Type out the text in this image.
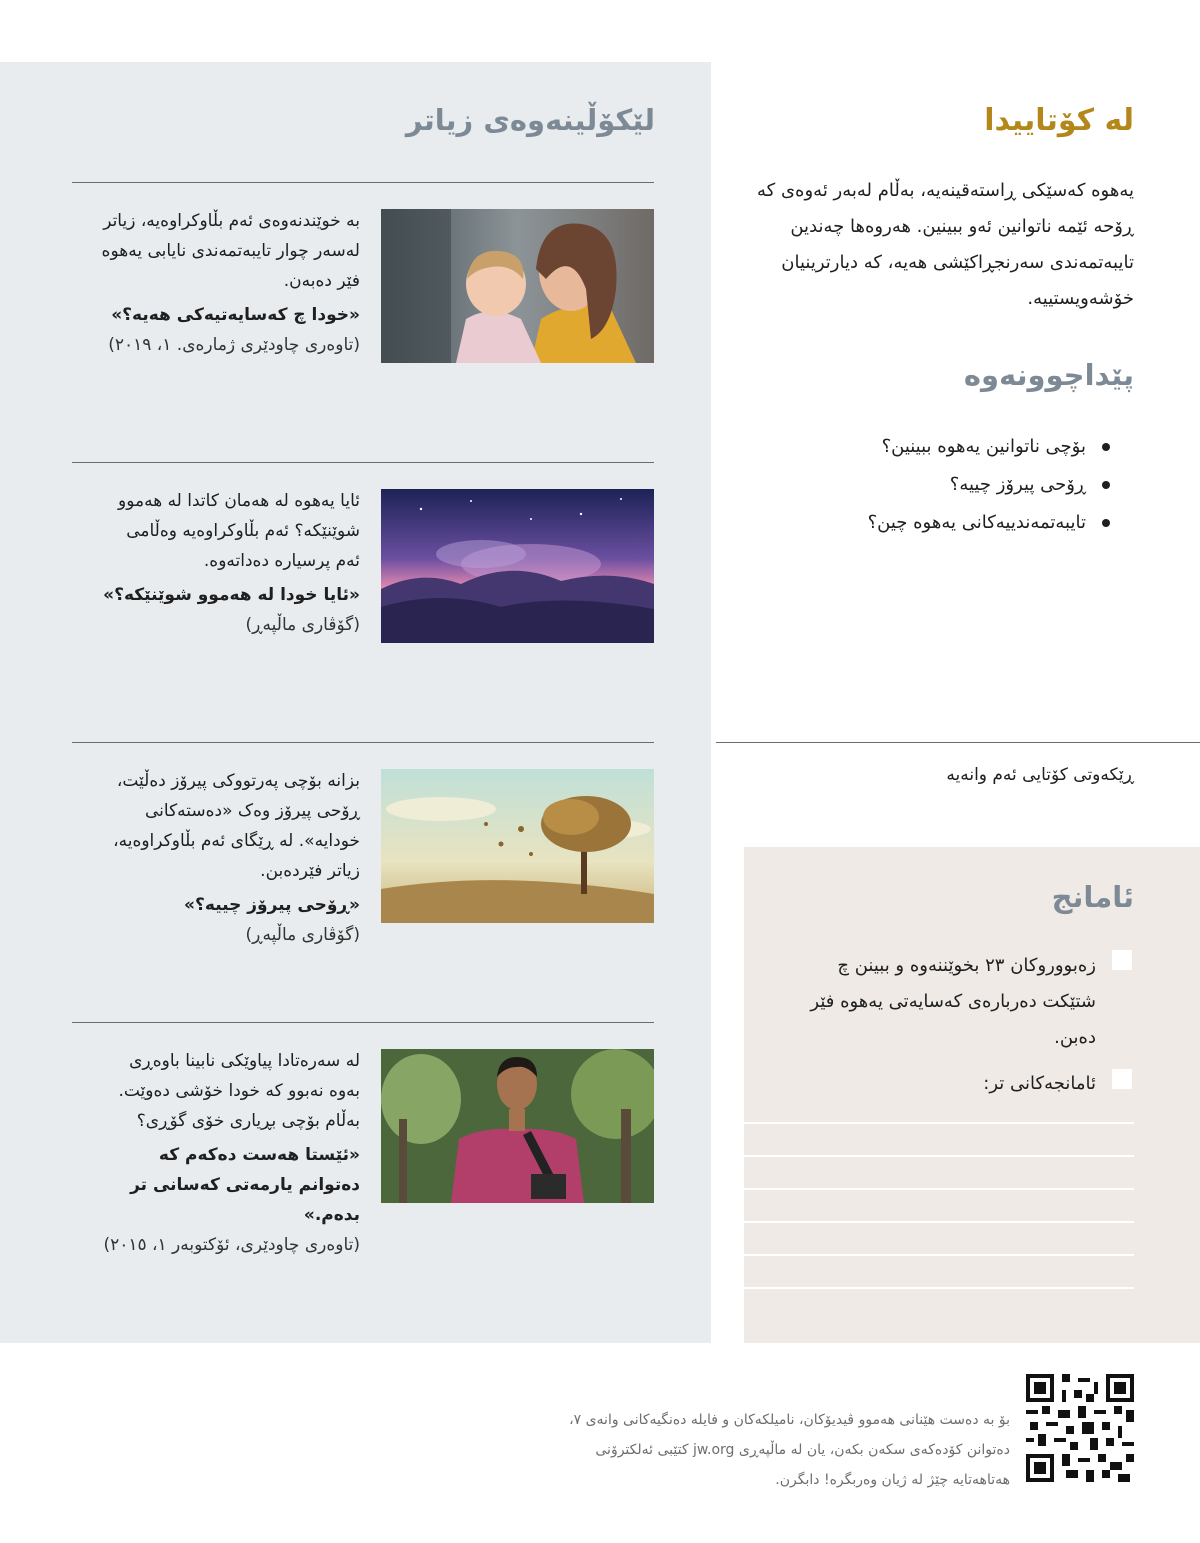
لێکۆڵینەوەی زیاتر
بە خوێندنەوەی ئەم بڵاوکراوەیە، زیاتر لەسەر چوار تایبەتمەندی نایابی یەهوە فێر دەبەن.
«خودا چ کەسایەتیەکی هەیە؟»
(تاوەری چاودێری ژمارەی. ١، ٢٠١٩)
ئایا یەهوە لە هەمان کاتدا لە هەموو شوێنێکە؟ ئەم بڵاوکراوەیە وەڵامی ئەم پرسیارە دەداتەوە.
«ئایا خودا لە هەموو شوێنێکە؟»
(گۆڤاری ماڵپەڕ)
بزانە بۆچی پەرتووکی پیرۆز دەڵێت، ڕۆحی پیرۆز وەک «دەستەکانی خودایە». لە ڕێگای ئەم بڵاوکراوەیە، زیاتر فێردەبن.
«ڕۆحی پیرۆز چییە؟»
(گۆڤاری ماڵپەڕ)
لە سەرەتادا پیاوێکی نابینا باوەڕی بەوە نەبوو کە خودا خۆشی دەوێت. بەڵام بۆچی بڕیاری خۆی گۆڕی؟
«ئێستا هەست دەکەم کە دەتوانم یارمەتی کەسانی تر بدەم.»
(تاوەری چاودێری، ئۆکتوبەر ١، ٢٠١٥)
لە کۆتاییدا
یەهوە کەسێکی ڕاستەقینەیە، بەڵام لەبەر ئەوەی کە ڕۆحە ئێمە ناتوانین ئەو ببینین. هەروەها چەندین تایبەتمەندی سەرنجڕاکێشی هەیە، کە دیارترینیان خۆشەویستییە.
پێداچوونەوە
بۆچی ناتوانین یەهوە ببینین؟
ڕۆحی پیرۆز چییە؟
تایبەتمەندییەکانی یەهوە چین؟
ڕێکەوتی کۆتایی ئەم وانەیە
ئامانج
زەبووروکان ٢٣ بخوێننەوە و ببینن چ شتێکت دەربارەی کەسایەتی یەهوە فێر دەبن.
ئامانجەکانی تر:
بۆ بە دەست هێنانی هەموو ڤیدیۆکان، نامیلکەکان و فایلە دەنگیەکانی وانەی ٧، دەتوانن کۆدەکەی سکەن بکەن، یان لە ماڵپەڕی jw.org کتێبی ئەلکترۆنی هەتاهەتایە چێژ لە ژیان وەربگرە! دابگرن.
